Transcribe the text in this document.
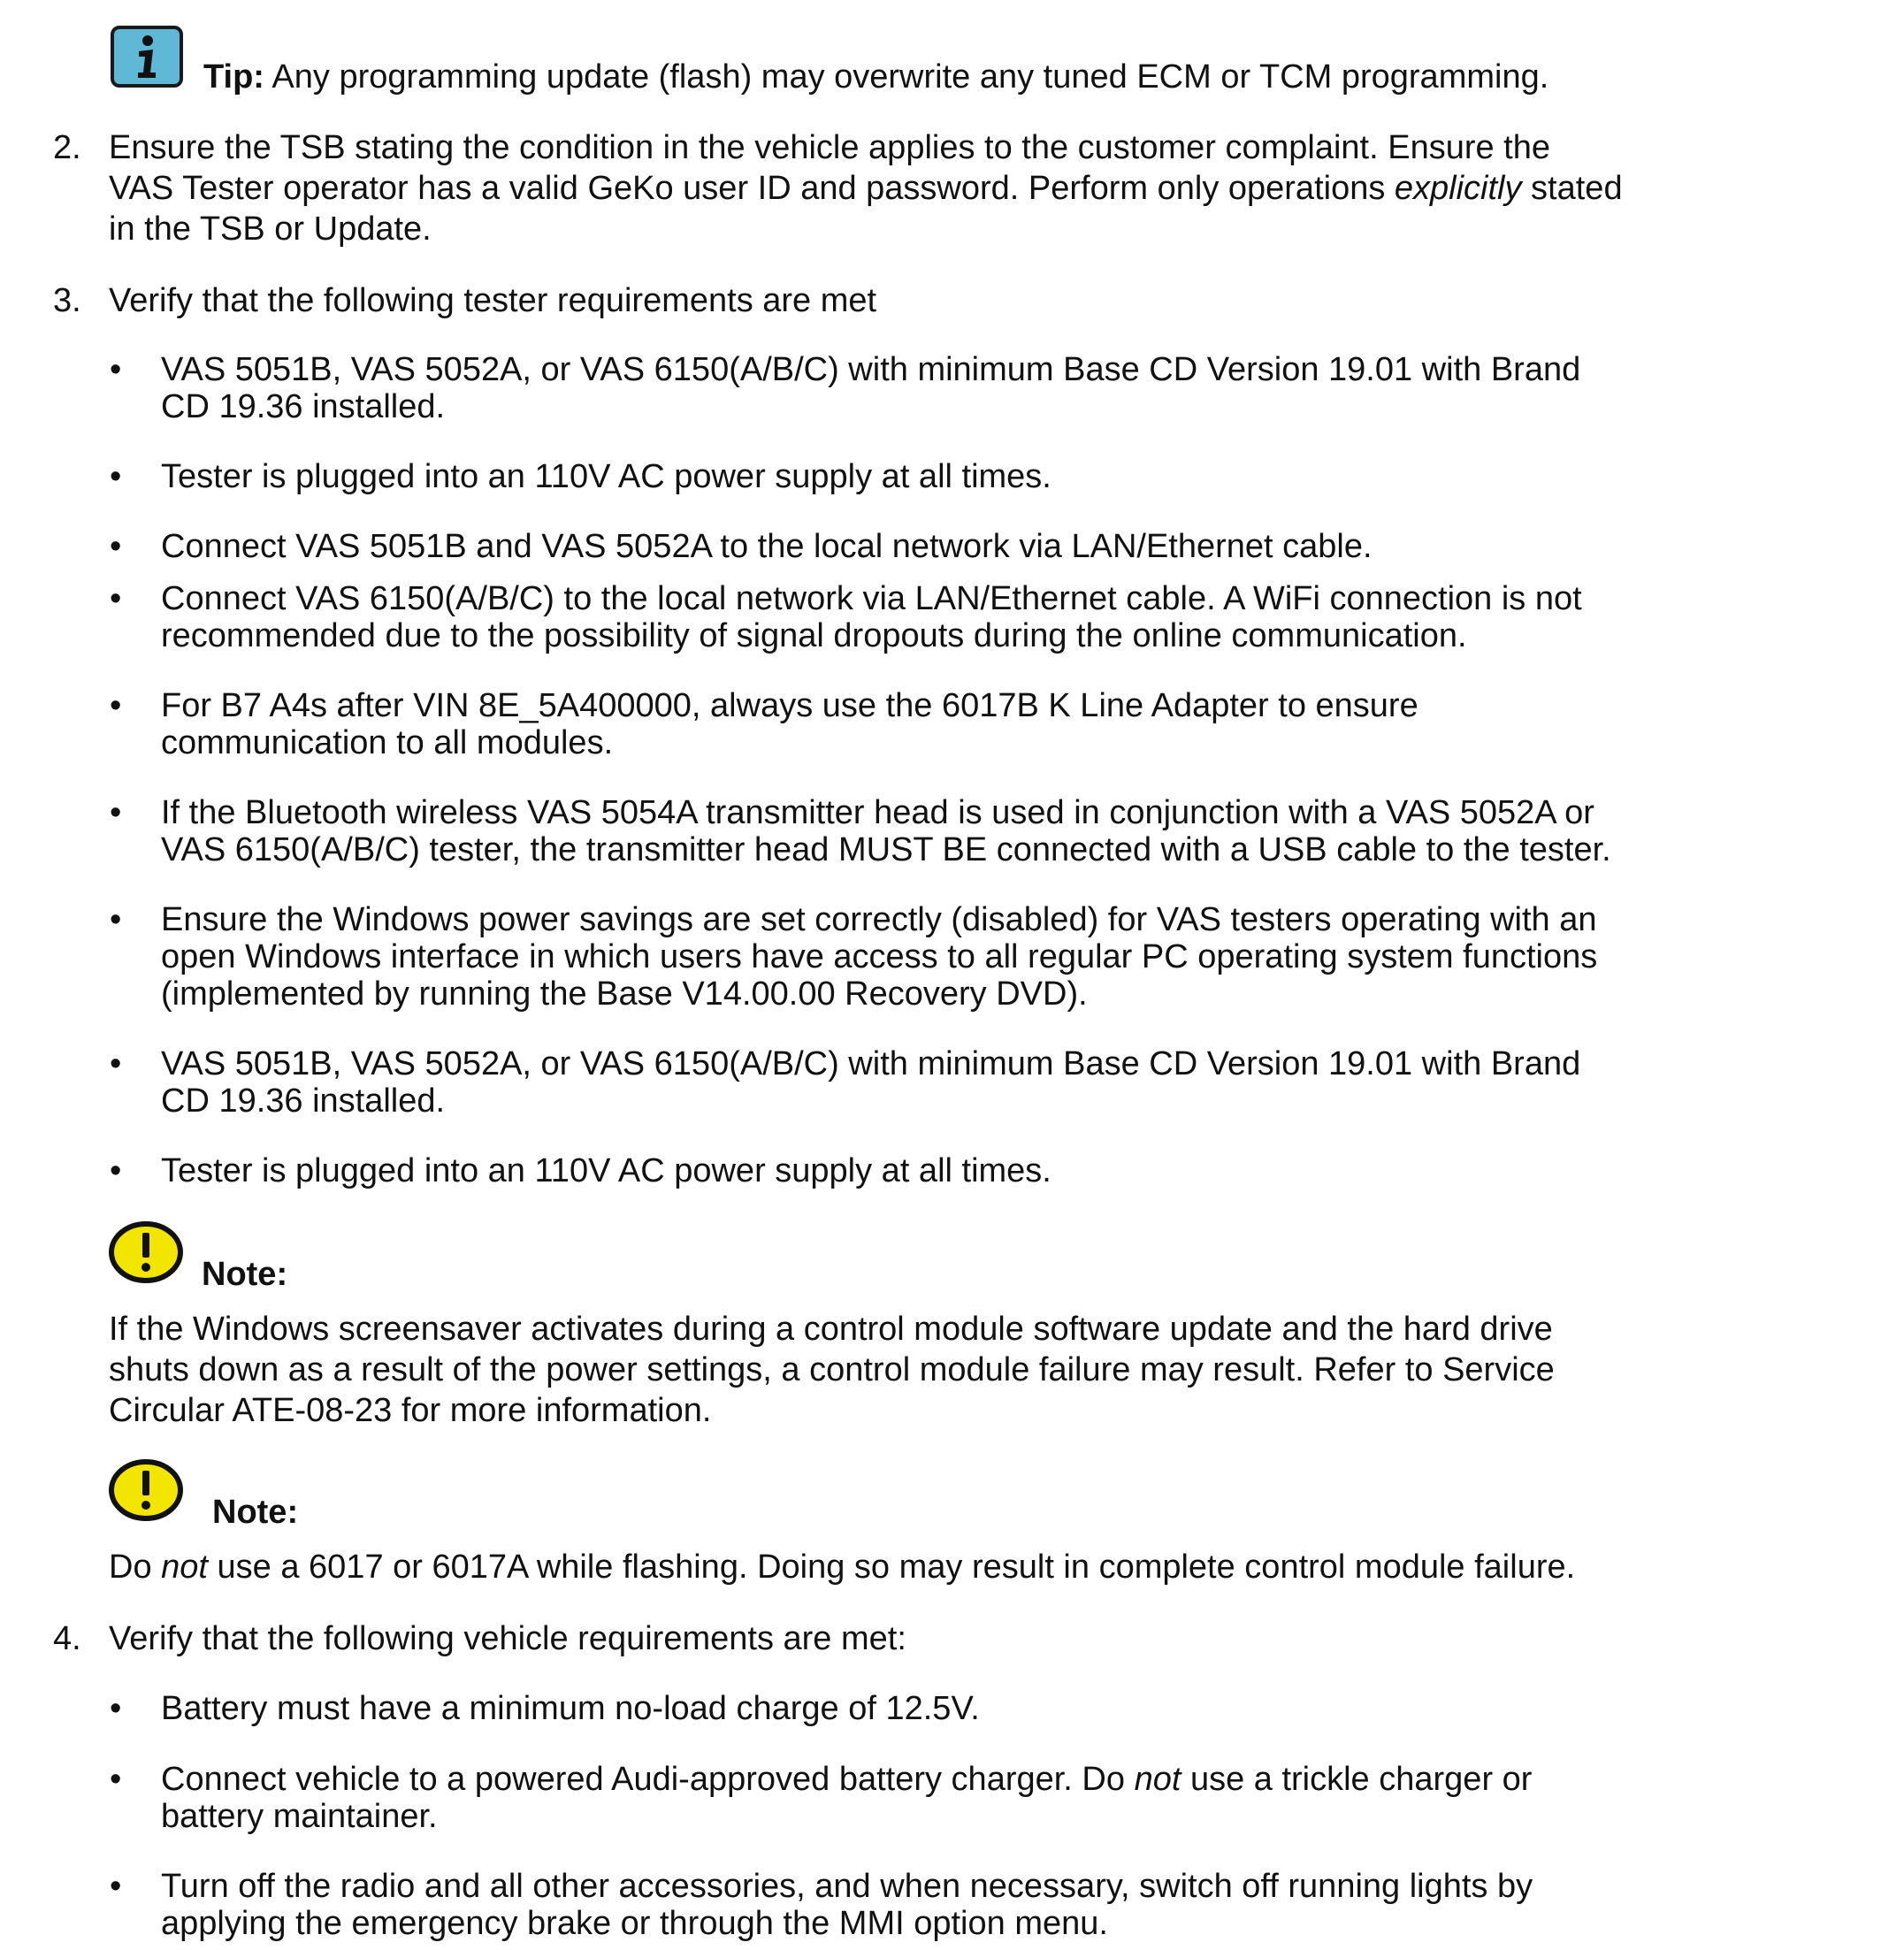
Tip: Any programming update (flash) may overwrite any tuned ECM or TCM programming.
2. Ensure the TSB stating the condition in the vehicle applies to the customer complaint. Ensure the
VAS Tester operator has a valid GeKo user ID and password. Perform only operations explicitly stated
in the TSB or Update.
3. Verify that the following tester requirements are met
• VAS 5051B, VAS 5052A, or VAS 6150(A/B/C) with minimum Base CD Version 19.01 with Brand
CD 19.36 installed.
• Tester is plugged into an 110V AC power supply at all times.
• Connect VAS 5051B and VAS 5052A to the local network via LAN/Ethernet cable.
• Connect VAS 6150(A/B/C) to the local network via LAN/Ethernet cable. A WiFi connection is not
recommended due to the possibility of signal dropouts during the online communication.
• For B7 A4s after VIN 8E_5A400000, always use the 6017B K Line Adapter to ensure
communication to all modules.
• If the Bluetooth wireless VAS 5054A transmitter head is used in conjunction with a VAS 5052A or
VAS 6150(A/B/C) tester, the transmitter head MUST BE connected with a USB cable to the tester.
• Ensure the Windows power savings are set correctly (disabled) for VAS testers operating with an
open Windows interface in which users have access to all regular PC operating system functions
(implemented by running the Base V14.00.00 Recovery DVD).
• VAS 5051B, VAS 5052A, or VAS 6150(A/B/C) with minimum Base CD Version 19.01 with Brand
CD 19.36 installed.
• Tester is plugged into an 110V AC power supply at all times.
Note:
If the Windows screensaver activates during a control module software update and the hard drive
shuts down as a result of the power settings, a control module failure may result. Refer to Service
Circular ATE-08-23 for more information.
Note:
Do not use a 6017 or 6017A while flashing. Doing so may result in complete control module failure.
4. Verify that the following vehicle requirements are met:
• Battery must have a minimum no-load charge of 12.5V.
• Connect vehicle to a powered Audi-approved battery charger. Do not use a trickle charger or
battery maintainer.
• Turn off the radio and all other accessories, and when necessary, switch off running lights by
applying the emergency brake or through the MMI option menu.
